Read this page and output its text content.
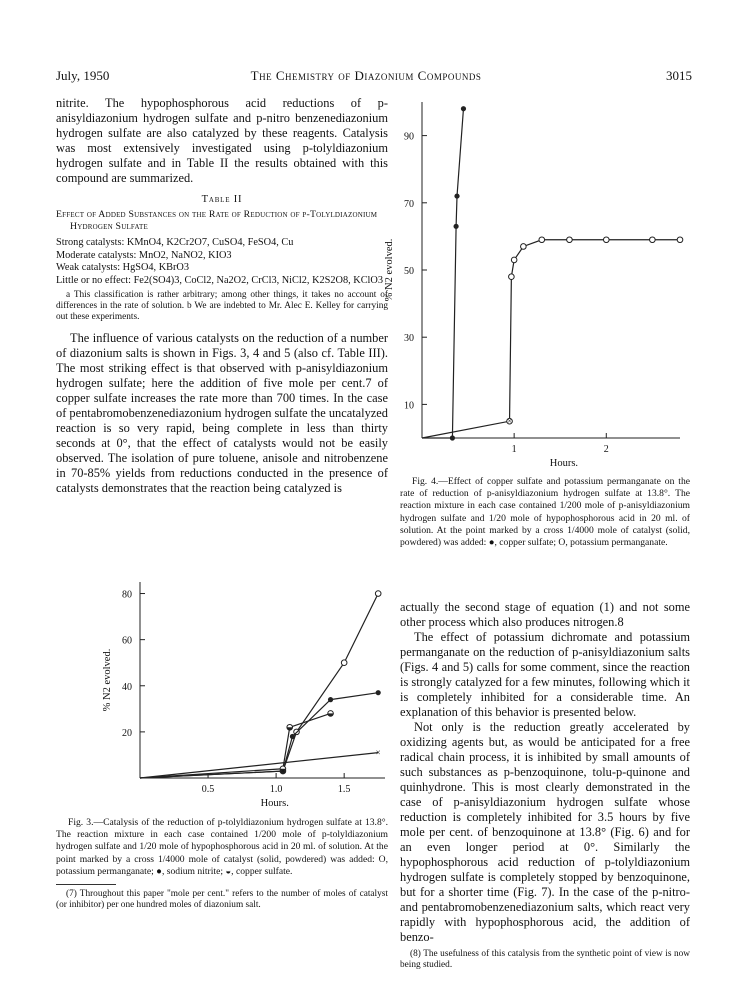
July, 1950	The Chemistry of Diazonium Compounds	3015

nitrite. The hypophosphorous acid reductions of p-anisyldiazonium hydrogen sulfate and p-nitro benzenediazonium hydrogen sulfate are also catalyzed by these reagents. Catalysis was most extensively investigated using p-tolyldiazonium hydrogen sulfate and in Table II the results obtained with this compound are summarized.

Table II

Effect of Added Substances on the Rate of Reduction of p-Tolyldiazonium Hydrogen Sulfate

Strong catalysts: KMnO4, K2Cr2O7, CuSO4, FeSO4, Cu

Moderate catalysts: MnO2, NaNO2, KIO3

Weak catalysts: HgSO4, KBrO3

Little or no effect: Fe2(SO4)3, CoCl2, Na2O2, CrCl3, NiCl2, K2S2O8, KClO3

a This classification is rather arbitrary; among other things, it takes no account of differences in the rate of solution. b We are indebted to Mr. Alec E. Kelley for carrying out these experiments.

The influence of various catalysts on the reduction of a number of diazonium salts is shown in Figs. 3, 4 and 5 (also cf. Table III). The most striking effect is that observed with p-anisyldiazonium hydrogen sulfate; here the addition of five mole per cent.7 of copper sulfate increases the rate more than 700 times. In the case of pentabromobenzenediazonium hydrogen sulfate the uncatalyzed reaction is so very rapid, being complete in less than thirty seconds at 0°, that the effect of catalysts would not be easily observed. The isolation of pure toluene, anisole and nitrobenzene in 70-85% yields from reductions conducted in the presence of catalysts demonstrates that the reaction being catalyzed is

20
40
60
80
0.5	1.0	1.5
Hours.
% N2 evolved.
×
×

Fig. 3.—Catalysis of the reduction of p-tolyldiazonium hydrogen sulfate at 13.8°. The reaction mixture in each case contained 1/200 mole of p-tolyldiazonium hydrogen sulfate and 1/20 mole of hypophosphorous acid in 20 ml. of solution. At the point marked by a cross 1/4000 mole of catalyst (solid, powdered) was added: O, potassium permanganate; ●, sodium nitrite; ◒, copper sulfate.

(7) Throughout this paper "mole per cent." refers to the number of moles of catalyst (or inhibitor) per one hundred moles of diazonium salt.

10
30
50
70
90
1	2
Hours.
% N2 evolved.
×

Fig. 4.—Effect of copper sulfate and potassium permanganate on the rate of reduction of p-anisyldiazonium hydrogen sulfate at 13.8°. The reaction mixture in each case contained 1/200 mole of p-anisyldiazonium hydrogen sulfate and 1/20 mole of hypophosphorous acid in 20 ml. of solution. At the point marked by a cross 1/4000 mole of catalyst (solid, powdered) was added: ●, copper sulfate; O, potassium permanganate.

actually the second stage of equation (1) and not some other process which also produces nitrogen.8

The effect of potassium dichromate and potassium permanganate on the reduction of p-anisyldiazonium salts (Figs. 4 and 5) calls for some comment, since the reaction is strongly catalyzed for a few minutes, following which it is completely inhibited for a considerable time. An explanation of this behavior is presented below.

Not only is the reduction greatly accelerated by oxidizing agents but, as would be anticipated for a free radical chain process, it is inhibited by small amounts of such substances as p-benzoquinone, tolu-p-quinone and quinhydrone. This is most clearly demonstrated in the case of p-anisyldiazonium hydrogen sulfate whose reduction is completely inhibited for 3.5 hours by five mole per cent. of benzoquinone at 13.8° (Fig. 6) and for an even longer period at 0°. Similarly the hypophosphorous acid reduction of p-tolyldiazonium hydrogen sulfate is completely stopped by benzoquinone, but for a shorter time (Fig. 7). In the case of the p-nitro- and pentabromobenzenediazonium salts, which react very rapidly with hypophosphorous acid, the addition of benzo-

(8) The usefulness of this catalysis from the synthetic point of view is now being studied.
